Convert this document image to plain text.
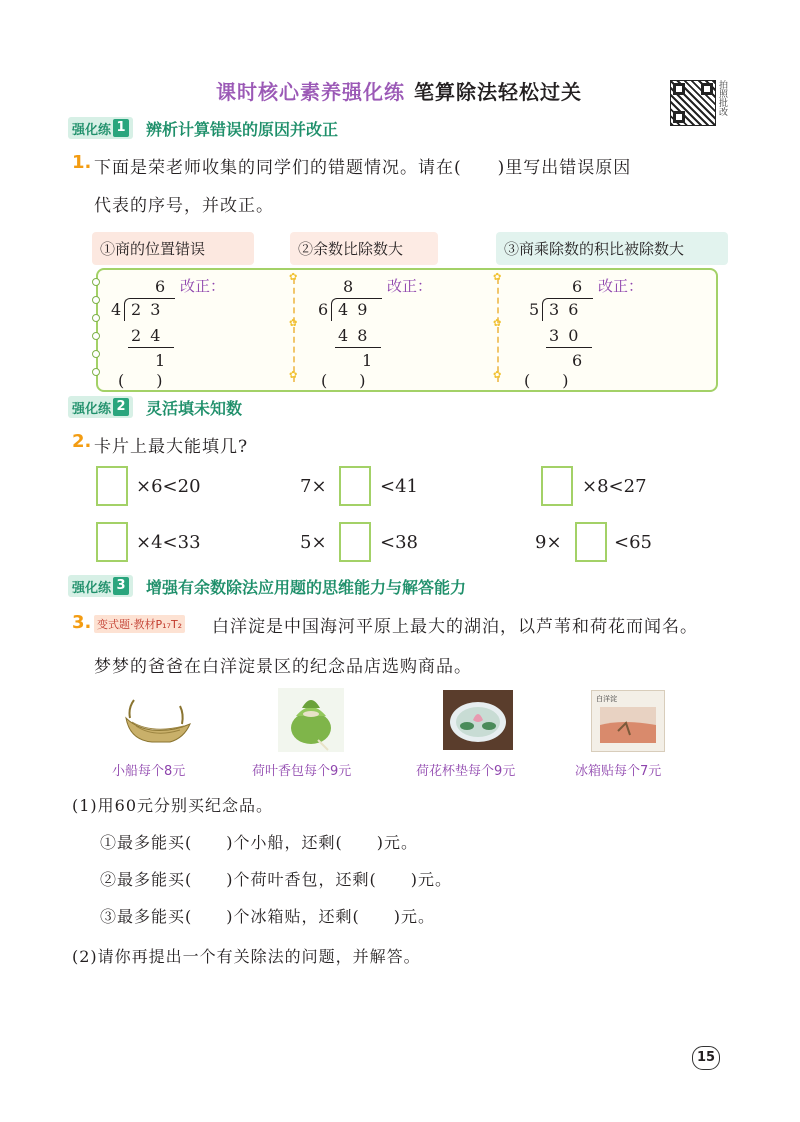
课时核心素养强化练 笔算除法轻松过关	拍照批改
强化练 1 辨析计算错误的原因并改正
1. 下面是荣老师收集的同学们的错题情况。请在(　　)里写出错误原因
代表的序号，并改正。
①商的位置错误	②余数比除数大	③商乘除数的积比被除数大
✿
✿
✿
✿
✿
✿
6
4 2 3
2 4
1
(　　)
改正：	8
6 4 9
4 8
1
(　　)
改正：	6
5 3 6
3 0
6
(　　)
改正：
强化练 2 灵活填未知数
2. 卡片上最大能填几?
×6<20	7×	<41	×8<27
×4<33	5×	<38	9×	<65
强化练 3 增强有余数除法应用题的思维能力与解答能力
3. 变式题·教材P₁₇T₂ 白洋淀是中国海河平原上最大的湖泊，以芦苇和荷花而闻名。
梦梦的爸爸在白洋淀景区的纪念品店选购商品。
白洋淀
小船每个8元	荷叶香包每个9元	荷花杯垫每个9元	冰箱贴每个7元
(1)用60元分别买纪念品。
①最多能买(　　)个小船，还剩(　　)元。
②最多能买(　　)个荷叶香包，还剩(　　)元。
③最多能买(　　)个冰箱贴，还剩(　　)元。
(2)请你再提出一个有关除法的问题，并解答。
15
